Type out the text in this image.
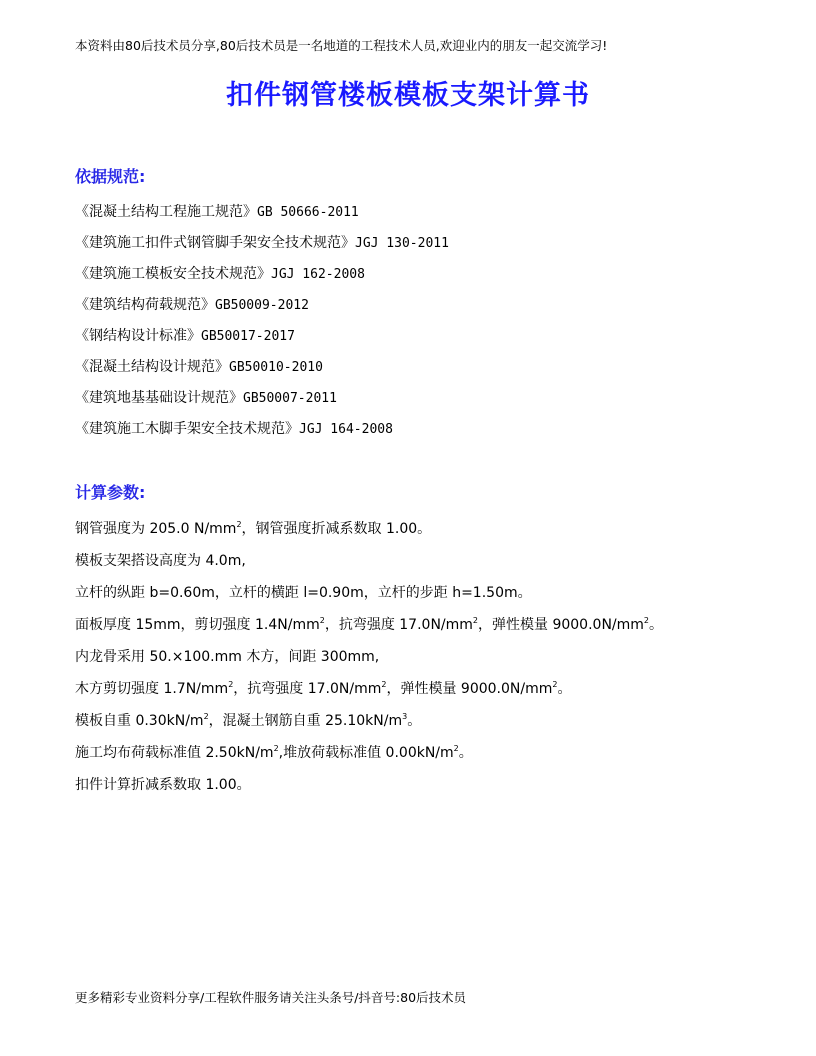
本资料由80后技术员分享,80后技术员是一名地道的工程技术人员,欢迎业内的朋友一起交流学习!
扣件钢管楼板模板支架计算书
依据规范:
《混凝土结构工程施工规范》GB 50666-2011
《建筑施工扣件式钢管脚手架安全技术规范》JGJ 130-2011
《建筑施工模板安全技术规范》JGJ 162-2008
《建筑结构荷载规范》GB50009-2012
《钢结构设计标准》GB50017-2017
《混凝土结构设计规范》GB50010-2010
《建筑地基基础设计规范》GB50007-2011
《建筑施工木脚手架安全技术规范》JGJ 164-2008
计算参数:
钢管强度为 205.0 $N/mm^2$，钢管强度折减系数取 1.00。
模板支架搭设高度为 4.0m,
立杆的纵距 b=0.60m，立杆的横距 l=0.90m，立杆的步距 h=1.50m。
面板厚度 15mm，剪切强度 $1.4N/mm^2$，抗弯强度 $17.0N/mm^2$，弹性模量 $9000.0N/mm^2$。
内龙骨采用 50.×100.mm 木方，间距 300mm,
木方剪切强度 $1.7N/mm^2$，抗弯强度 $17.0N/mm^2$，弹性模量 $9000.0N/mm^2$。
模板自重 $0.30kN/m^2$，混凝土钢筋自重 $25.10kN/m^3$。
施工均布荷载标准值 $2.50kN/m^2$,堆放荷载标准值 $0.00kN/m^2$。
扣件计算折减系数取 1.00。
更多精彩专业资料分享/工程软件服务请关注头条号/抖音号:80后技术员
